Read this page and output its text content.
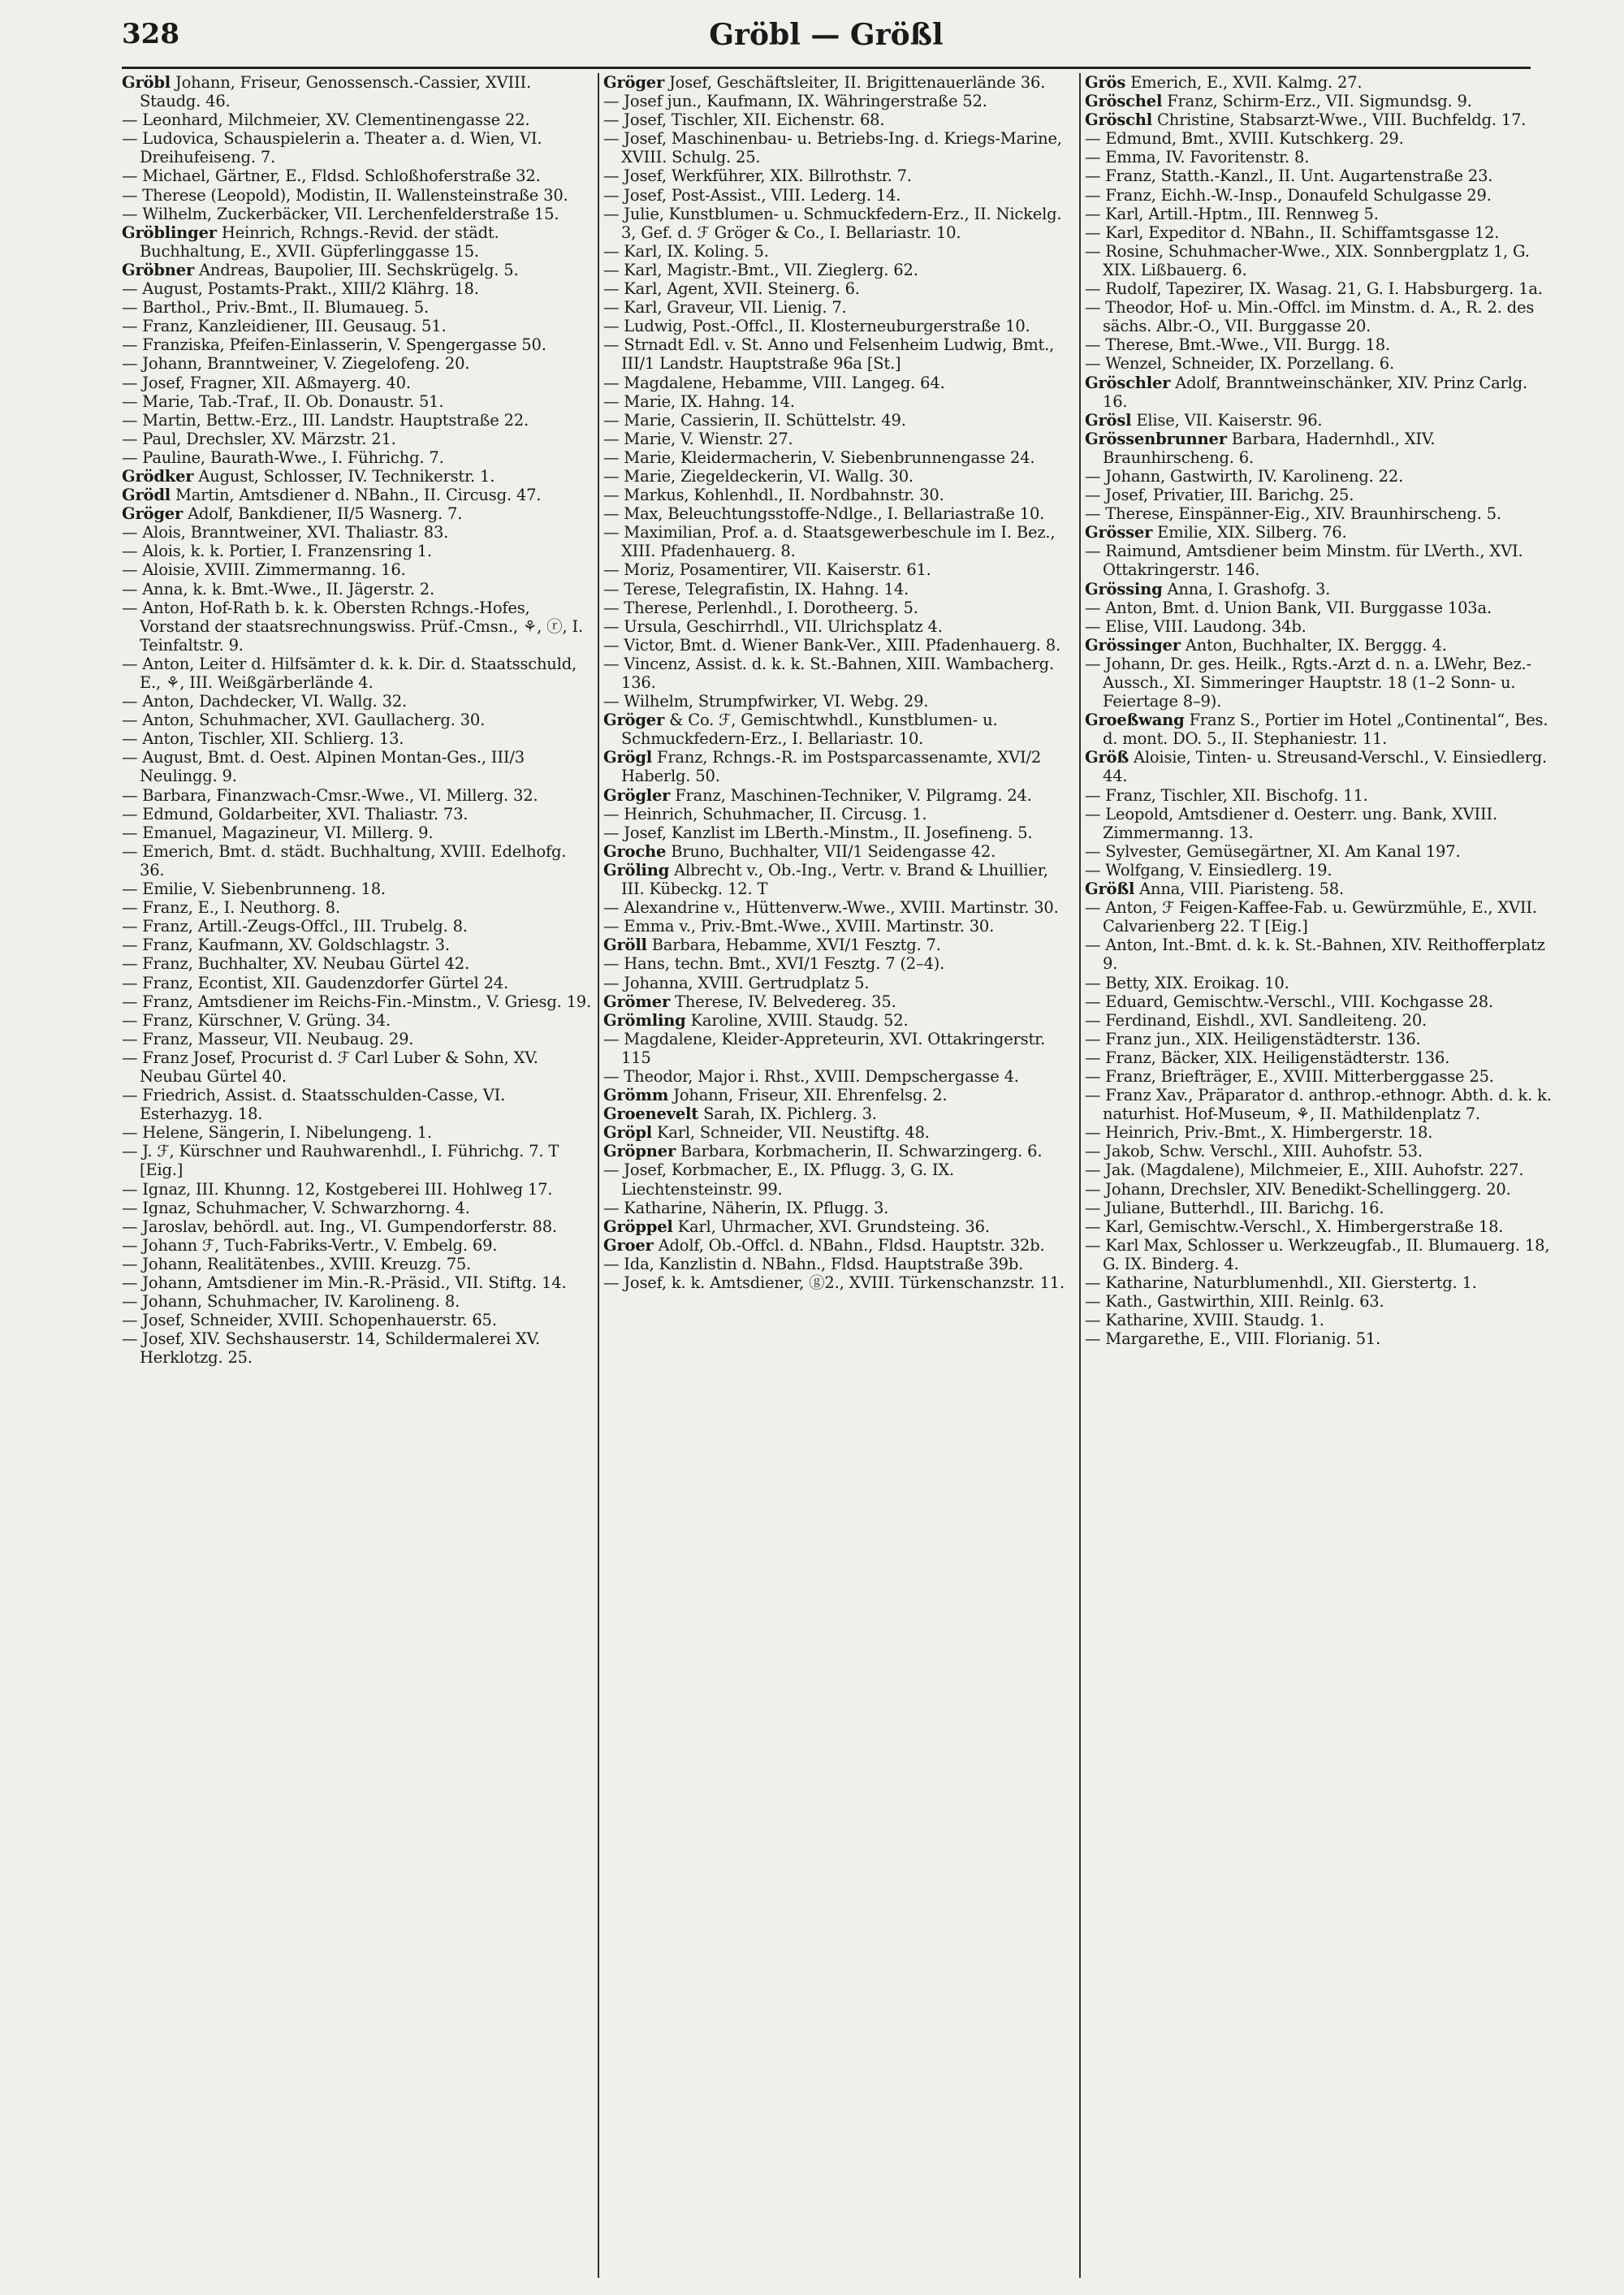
328	Gröbl — Größl

Gröbl Johann, Friseur, Genossensch.-Cassier, XVIII. Staudg. 46.

— Leonhard, Milchmeier, XV. Clementinengasse 22.

— Ludovica, Schauspielerin a. Theater a. d. Wien, VI. Dreihufeiseng. 7.

— Michael, Gärtner, E., Fldsd. Schloßhoferstraße 32.

— Therese (Leopold), Modistin, II. Wallensteinstraße 30.

— Wilhelm, Zuckerbäcker, VII. Lerchenfelderstraße 15.

Gröblinger Heinrich, Rchngs.-Revid. der städt. Buchhaltung, E., XVII. Güpferlinggasse 15.

Gröbner Andreas, Baupolier, III. Sechskrügelg. 5.

— August, Postamts-Prakt., XIII/2 Klährg. 18.

— Barthol., Priv.-Bmt., II. Blumaueg. 5.

— Franz, Kanzleidiener, III. Geusaug. 51.

— Franziska, Pfeifen-Einlasserin, V. Spengergasse 50.

— Johann, Branntweiner, V. Ziegelofeng. 20.

— Josef, Fragner, XII. Aßmayerg. 40.

— Marie, Tab.-Traf., II. Ob. Donaustr. 51.

— Martin, Bettw.-Erz., III. Landstr. Hauptstraße 22.

— Paul, Drechsler, XV. Märzstr. 21.

— Pauline, Baurath-Wwe., I. Führichg. 7.

Grödker August, Schlosser, IV. Technikerstr. 1.

Grödl Martin, Amtsdiener d. NBahn., II. Circusg. 47.

Gröger Adolf, Bankdiener, II/5 Wasnerg. 7.

— Alois, Branntweiner, XVI. Thaliastr. 83.

— Alois, k. k. Portier, I. Franzensring 1.

— Aloisie, XVIII. Zimmermanng. 16.

— Anna, k. k. Bmt.-Wwe., II. Jägerstr. 2.

— Anton, Hof-Rath b. k. k. Obersten Rchngs.-Hofes, Vorstand der staatsrechnungswiss. Prüf.-Cmsn., ⚘, ⓡ, I. Teinfaltstr. 9.

— Anton, Leiter d. Hilfsämter d. k. k. Dir. d. Staatsschuld, E., ⚘, III. Weißgärberlände 4.

— Anton, Dachdecker, VI. Wallg. 32.

— Anton, Schuhmacher, XVI. Gaullacherg. 30.

— Anton, Tischler, XII. Schlierg. 13.

— August, Bmt. d. Oest. Alpinen Montan-Ges., III/3 Neulingg. 9.

— Barbara, Finanzwach-Cmsr.-Wwe., VI. Millerg. 32.

— Edmund, Goldarbeiter, XVI. Thaliastr. 73.

— Emanuel, Magazineur, VI. Millerg. 9.

— Emerich, Bmt. d. städt. Buchhaltung, XVIII. Edelhofg. 36.

— Emilie, V. Siebenbrunneng. 18.

— Franz, E., I. Neuthorg. 8.

— Franz, Artill.-Zeugs-Offcl., III. Trubelg. 8.

— Franz, Kaufmann, XV. Goldschlagstr. 3.

— Franz, Buchhalter, XV. Neubau Gürtel 42.

— Franz, Econtist, XII. Gaudenzdorfer Gürtel 24.

— Franz, Amtsdiener im Reichs-Fin.-Minstm., V. Griesg. 19.

— Franz, Kürschner, V. Grüng. 34.

— Franz, Masseur, VII. Neubaug. 29.

— Franz Josef, Procurist d. ℱ Carl Luber & Sohn, XV. Neubau Gürtel 40.

— Friedrich, Assist. d. Staatsschulden-Casse, VI. Esterhazyg. 18.

— Helene, Sängerin, I. Nibelungeng. 1.

— J. ℱ, Kürschner und Rauhwarenhdl., I. Führichg. 7. T [Eig.]

— Ignaz, III. Khunng. 12, Kostgeberei III. Hohlweg 17.

— Ignaz, Schuhmacher, V. Schwarzhorng. 4.

— Jaroslav, behördl. aut. Ing., VI. Gumpendorferstr. 88.

— Johann ℱ, Tuch-Fabriks-Vertr., V. Embelg. 69.

— Johann, Realitätenbes., XVIII. Kreuzg. 75.

— Johann, Amtsdiener im Min.-R.-Präsid., VII. Stiftg. 14.

— Johann, Schuhmacher, IV. Karolineng. 8.

— Josef, Schneider, XVIII. Schopenhauerstr. 65.

— Josef, XIV. Sechshauserstr. 14, Schildermalerei XV. Herklotzg. 25.

Gröger Josef, Geschäftsleiter, II. Brigittenauerlände 36.

— Josef jun., Kaufmann, IX. Währingerstraße 52.

— Josef, Tischler, XII. Eichenstr. 68.

— Josef, Maschinenbau- u. Betriebs-Ing. d. Kriegs-Marine, XVIII. Schulg. 25.

— Josef, Werkführer, XIX. Billrothstr. 7.

— Josef, Post-Assist., VIII. Lederg. 14.

— Julie, Kunstblumen- u. Schmuckfedern-Erz., II. Nickelg. 3, Gef. d. ℱ Gröger & Co., I. Bellariastr. 10.

— Karl, IX. Koling. 5.

— Karl, Magistr.-Bmt., VII. Zieglerg. 62.

— Karl, Agent, XVII. Steinerg. 6.

— Karl, Graveur, VII. Lienig. 7.

— Ludwig, Post.-Offcl., II. Klosterneuburgerstraße 10.

— Strnadt Edl. v. St. Anno und Felsenheim Ludwig, Bmt., III/1 Landstr. Hauptstraße 96a [St.]

— Magdalene, Hebamme, VIII. Langeg. 64.

— Marie, IX. Hahng. 14.

— Marie, Cassierin, II. Schüttelstr. 49.

— Marie, V. Wienstr. 27.

— Marie, Kleidermacherin, V. Siebenbrunnengasse 24.

— Marie, Ziegeldeckerin, VI. Wallg. 30.

— Markus, Kohlenhdl., II. Nordbahnstr. 30.

— Max, Beleuchtungsstoffe-Ndlge., I. Bellariastraße 10.

— Maximilian, Prof. a. d. Staatsgewerbeschule im I. Bez., XIII. Pfadenhauerg. 8.

— Moriz, Posamentirer, VII. Kaiserstr. 61.

— Terese, Telegrafistin, IX. Hahng. 14.

— Therese, Perlenhdl., I. Dorotheerg. 5.

— Ursula, Geschirrhdl., VII. Ulrichsplatz 4.

— Victor, Bmt. d. Wiener Bank-Ver., XIII. Pfadenhauerg. 8.

— Vincenz, Assist. d. k. k. St.-Bahnen, XIII. Wambacherg. 136.

— Wilhelm, Strumpfwirker, VI. Webg. 29.

Gröger & Co. ℱ, Gemischtwhdl., Kunstblumen- u. Schmuckfedern-Erz., I. Bellariastr. 10.

Grögl Franz, Rchngs.-R. im Postsparcassenamte, XVI/2 Haberlg. 50.

Grögler Franz, Maschinen-Techniker, V. Pilgramg. 24.

— Heinrich, Schuhmacher, II. Circusg. 1.

— Josef, Kanzlist im LBerth.-Minstm., II. Josefineng. 5.

Groche Bruno, Buchhalter, VII/1 Seidengasse 42.

Gröling Albrecht v., Ob.-Ing., Vertr. v. Brand & Lhuillier, III. Kübeckg. 12. T

— Alexandrine v., Hüttenverw.-Wwe., XVIII. Martinstr. 30.

— Emma v., Priv.-Bmt.-Wwe., XVIII. Martinstr. 30.

Gröll Barbara, Hebamme, XVI/1 Fesztg. 7.

— Hans, techn. Bmt., XVI/1 Fesztg. 7 (2–4).

— Johanna, XVIII. Gertrudplatz 5.

Grömer Therese, IV. Belvedereg. 35.

Grömling Karoline, XVIII. Staudg. 52.

— Magdalene, Kleider-Appreteurin, XVI. Ottakringerstr. 115

— Theodor, Major i. Rhst., XVIII. Dempschergasse 4.

Grömm Johann, Friseur, XII. Ehrenfelsg. 2.

Groenevelt Sarah, IX. Pichlerg. 3.

Gröpl Karl, Schneider, VII. Neustiftg. 48.

Gröpner Barbara, Korbmacherin, II. Schwarzingerg. 6.

— Josef, Korbmacher, E., IX. Pflugg. 3, G. IX. Liechtensteinstr. 99.

— Katharine, Näherin, IX. Pflugg. 3.

Gröppel Karl, Uhrmacher, XVI. Grundsteing. 36.

Groer Adolf, Ob.-Offcl. d. NBahn., Fldsd. Hauptstr. 32b.

— Ida, Kanzlistin d. NBahn., Fldsd. Hauptstraße 39b.

— Josef, k. k. Amtsdiener, ⓖ2., XVIII. Türkenschanzstr. 11.

Grös Emerich, E., XVII. Kalmg. 27.

Gröschel Franz, Schirm-Erz., VII. Sigmundsg. 9.

Gröschl Christine, Stabsarzt-Wwe., VIII. Buchfeldg. 17.

— Edmund, Bmt., XVIII. Kutschkerg. 29.

— Emma, IV. Favoritenstr. 8.

— Franz, Statth.-Kanzl., II. Unt. Augartenstraße 23.

— Franz, Eichh.-W.-Insp., Donaufeld Schulgasse 29.

— Karl, Artill.-Hptm., III. Rennweg 5.

— Karl, Expeditor d. NBahn., II. Schiffamtsgasse 12.

— Rosine, Schuhmacher-Wwe., XIX. Sonnbergplatz 1, G. XIX. Lißbauerg. 6.

— Rudolf, Tapezirer, IX. Wasag. 21, G. I. Habsburgerg. 1a.

— Theodor, Hof- u. Min.-Offcl. im Minstm. d. A., R. 2. des sächs. Albr.-O., VII. Burggasse 20.

— Therese, Bmt.-Wwe., VII. Burgg. 18.

— Wenzel, Schneider, IX. Porzellang. 6.

Gröschler Adolf, Branntweinschänker, XIV. Prinz Carlg. 16.

Grösl Elise, VII. Kaiserstr. 96.

Grössenbrunner Barbara, Hadernhdl., XIV. Braunhirscheng. 6.

— Johann, Gastwirth, IV. Karolineng. 22.

— Josef, Privatier, III. Barichg. 25.

— Therese, Einspänner-Eig., XIV. Braunhirscheng. 5.

Grösser Emilie, XIX. Silberg. 76.

— Raimund, Amtsdiener beim Minstm. für LVerth., XVI. Ottakringerstr. 146.

Grössing Anna, I. Grashofg. 3.

— Anton, Bmt. d. Union Bank, VII. Burggasse 103a.

— Elise, VIII. Laudong. 34b.

Grössinger Anton, Buchhalter, IX. Berggg. 4.

— Johann, Dr. ges. Heilk., Rgts.-Arzt d. n. a. LWehr, Bez.-Aussch., XI. Simmeringer Hauptstr. 18 (1–2 Sonn- u. Feiertage 8–9).

Groeßwang Franz S., Portier im Hotel „Continental“, Bes. d. mont. DO. 5., II. Stephaniestr. 11.

Größ Aloisie, Tinten- u. Streusand-Verschl., V. Einsiedlerg. 44.

— Franz, Tischler, XII. Bischofg. 11.

— Leopold, Amtsdiener d. Oesterr. ung. Bank, XVIII. Zimmermanng. 13.

— Sylvester, Gemüsegärtner, XI. Am Kanal 197.

— Wolfgang, V. Einsiedlerg. 19.

Größl Anna, VIII. Piaristeng. 58.

— Anton, ℱ Feigen-Kaffee-Fab. u. Gewürzmühle, E., XVII. Calvarienberg 22. T [Eig.]

— Anton, Int.-Bmt. d. k. k. St.-Bahnen, XIV. Reithofferplatz 9.

— Betty, XIX. Eroikag. 10.

— Eduard, Gemischtw.-Verschl., VIII. Kochgasse 28.

— Ferdinand, Eishdl., XVI. Sandleiteng. 20.

— Franz jun., XIX. Heiligenstädterstr. 136.

— Franz, Bäcker, XIX. Heiligenstädterstr. 136.

— Franz, Briefträger, E., XVIII. Mitterberggasse 25.

— Franz Xav., Präparator d. anthrop.-ethnogr. Abth. d. k. k. naturhist. Hof-Museum, ⚘, II. Mathildenplatz 7.

— Heinrich, Priv.-Bmt., X. Himbergerstr. 18.

— Jakob, Schw. Verschl., XIII. Auhofstr. 53.

— Jak. (Magdalene), Milchmeier, E., XIII. Auhofstr. 227.

— Johann, Drechsler, XIV. Benedikt-Schellinggerg. 20.

— Juliane, Butterhdl., III. Barichg. 16.

— Karl, Gemischtw.-Verschl., X. Himbergerstraße 18.

— Karl Max, Schlosser u. Werkzeugfab., II. Blumauerg. 18, G. IX. Binderg. 4.

— Katharine, Naturblumenhdl., XII. Gierstertg. 1.

— Kath., Gastwirthin, XIII. Reinlg. 63.

— Katharine, XVIII. Staudg. 1.

— Margarethe, E., VIII. Florianig. 51.
